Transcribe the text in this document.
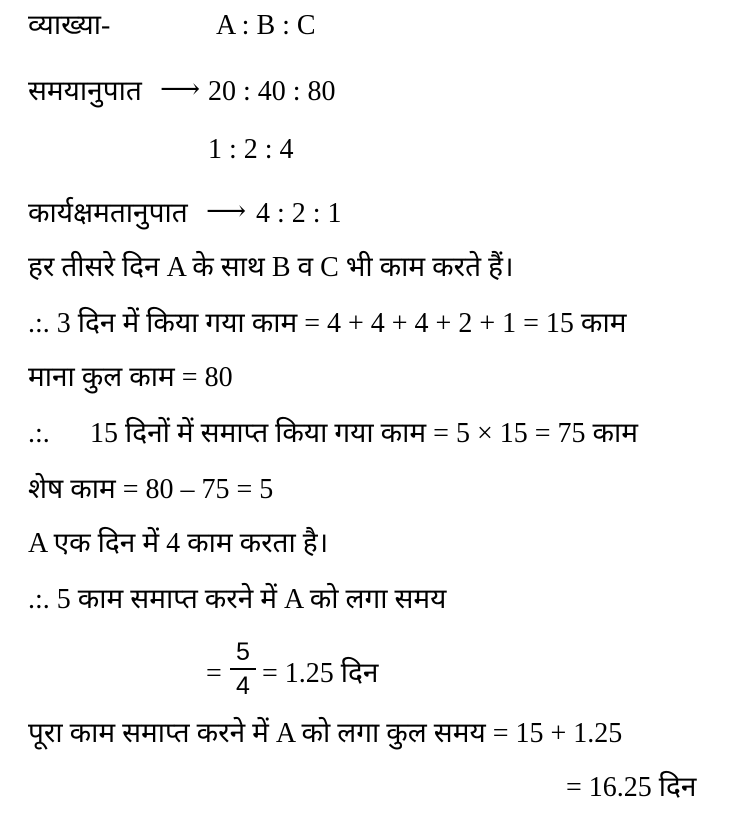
व्याख्या-	A : B : C
समयानुपात ⟶ 20 : 40 : 80
1 : 2 : 4
कार्यक्षमतानुपात ⟶ 4 : 2 : 1
हर तीसरे दिन A के साथ B व C भी काम करते हैं।
.:. 3 दिन में किया गया काम = 4 + 4 + 4 + 2 + 1 = 15 काम
माना कुल काम = 80
.:. 15 दिनों में समाप्त किया गया काम = 5 × 15 = 75 काम
शेष काम = 80 – 75 = 5
A एक दिन में 4 काम करता है।
.:. 5 काम समाप्त करने में A को लगा समय
=
5
4 = 1.25 दिन
पूरा काम समाप्त करने में A को लगा कुल समय = 15 + 1.25
= 16.25 दिन
